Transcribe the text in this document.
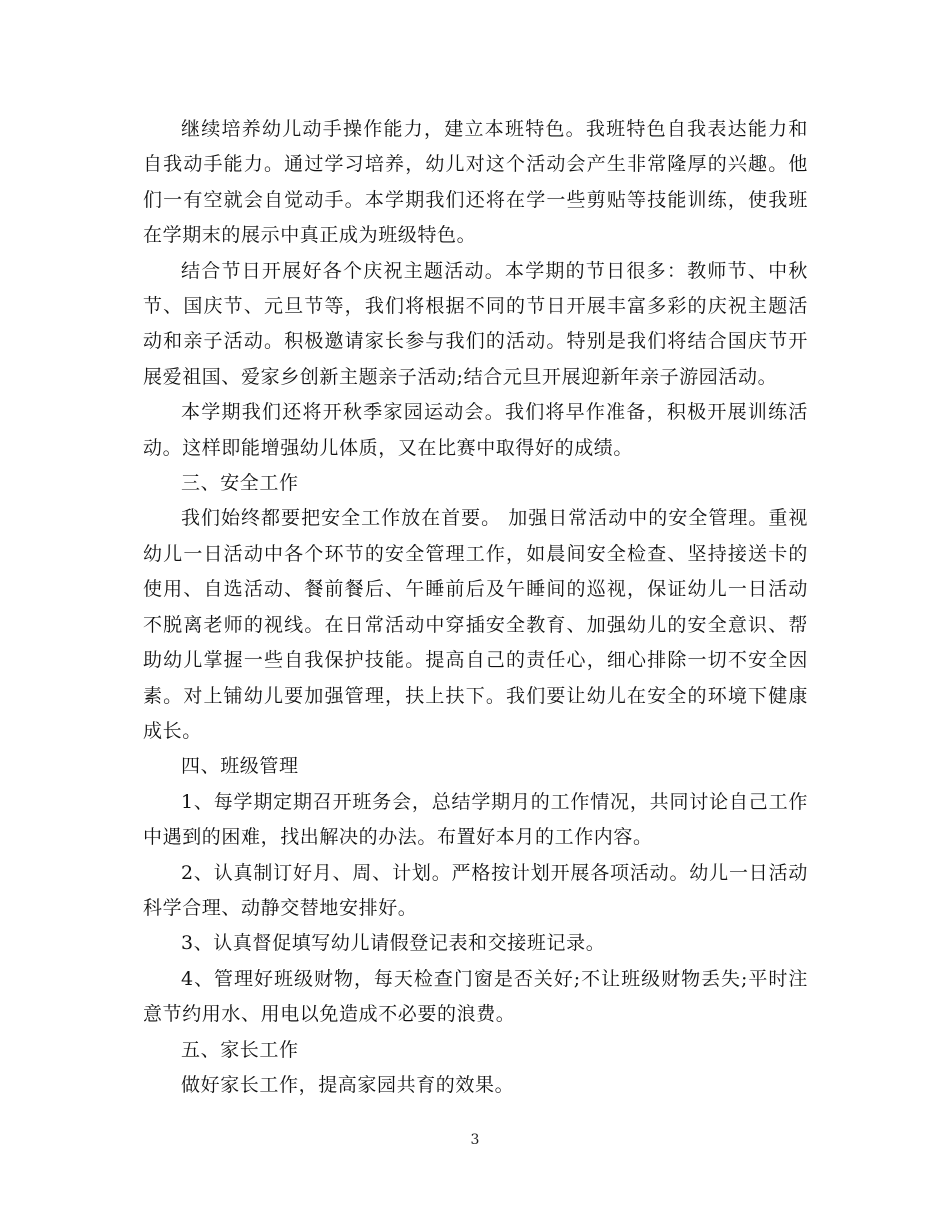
继续培养幼儿动手操作能力，建立本班特色。我班特色自我表达能力和自我动手能力。通过学习培养，幼儿对这个活动会产生非常隆厚的兴趣。他们一有空就会自觉动手。本学期我们还将在学一些剪贴等技能训练，使我班在学期末的展示中真正成为班级特色。

结合节日开展好各个庆祝主题活动。本学期的节日很多：教师节、中秋节、国庆节、元旦节等，我们将根据不同的节日开展丰富多彩的庆祝主题活动和亲子活动。积极邀请家长参与我们的活动。特别是我们将结合国庆节开展爱祖国、爱家乡创新主题亲子活动;结合元旦开展迎新年亲子游园活动。

本学期我们还将开秋季家园运动会。我们将早作准备，积极开展训练活动。这样即能增强幼儿体质，又在比赛中取得好的成绩。

三、安全工作

我们始终都要把安全工作放在首要。 加强日常活动中的安全管理。重视幼儿一日活动中各个环节的安全管理工作，如晨间安全检查、坚持接送卡的使用、自选活动、餐前餐后、午睡前后及午睡间的巡视，保证幼儿一日活动不脱离老师的视线。在日常活动中穿插安全教育、加强幼儿的安全意识、帮助幼儿掌握一些自我保护技能。提高自己的责任心，细心排除一切不安全因素。对上铺幼儿要加强管理，扶上扶下。我们要让幼儿在安全的环境下健康成长。

四、班级管理

1、每学期定期召开班务会，总结学期月的工作情况，共同讨论自己工作中遇到的困难，找出解决的办法。布置好本月的工作内容。

2、认真制订好月、周、计划。严格按计划开展各项活动。幼儿一日活动科学合理、动静交替地安排好。

3、认真督促填写幼儿请假登记表和交接班记录。

4、管理好班级财物，每天检查门窗是否关好;不让班级财物丢失;平时注意节约用水、用电以免造成不必要的浪费。

五、家长工作

做好家长工作，提高家园共育的效果。

3
